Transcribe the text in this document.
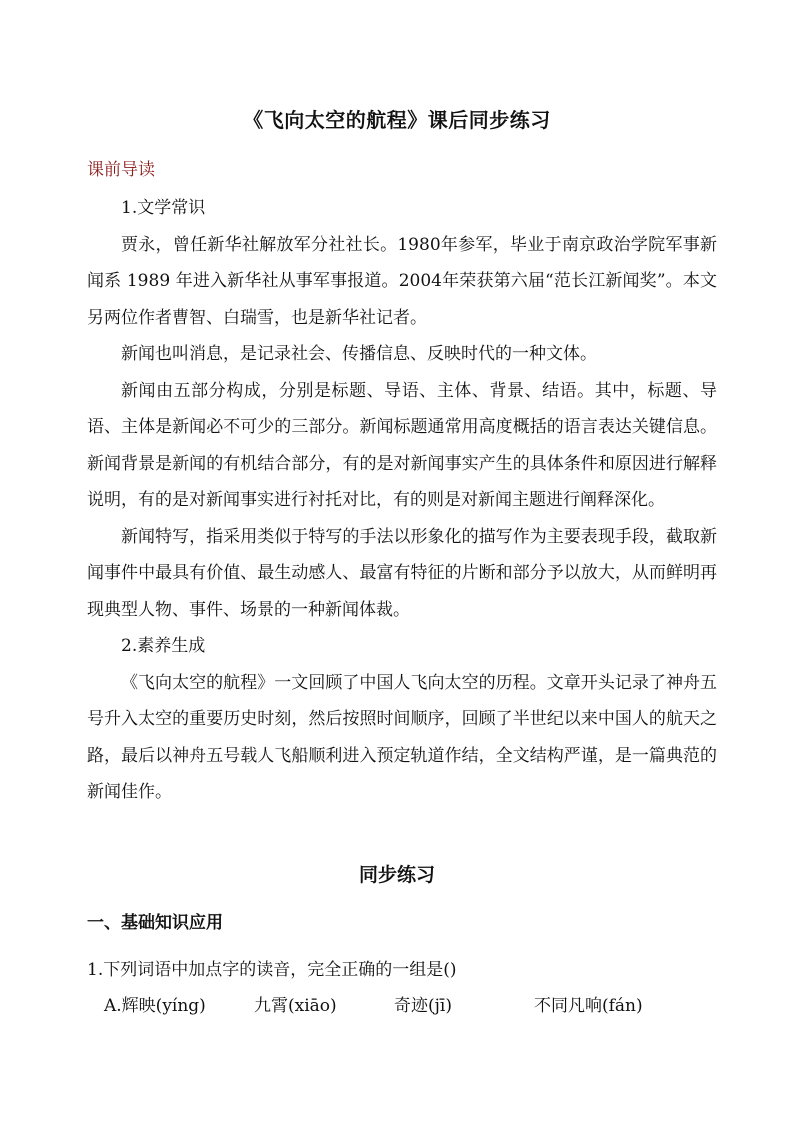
《飞向太空的航程》课后同步练习
课前导读

1.文学常识

贾永，曾任新华社解放军分社社长。1980年参军，毕业于南京政治学院军事新闻系 1989 年进入新华社从事军事报道。2004年荣获第六届“范长江新闻奖”。本文另两位作者曹智、白瑞雪，也是新华社记者。

新闻也叫消息，是记录社会、传播信息、反映时代的一种文体。

新闻由五部分构成，分别是标题、导语、主体、背景、结语。其中，标题、导语、主体是新闻必不可少的三部分。新闻标题通常用高度概括的语言表达关键信息。新闻背景是新闻的有机结合部分，有的是对新闻事实产生的具体条件和原因进行解释说明，有的是对新闻事实进行衬托对比，有的则是对新闻主题进行阐释深化。

新闻特写，指采用类似于特写的手法以形象化的描写作为主要表现手段，截取新闻事件中最具有价值、最生动感人、最富有特征的片断和部分予以放大，从而鲜明再现典型人物、事件、场景的一种新闻体裁。

2.素养生成

《飞向太空的航程》一文回顾了中国人飞向太空的历程。文章开头记录了神舟五号升入太空的重要历史时刻，然后按照时间顺序，回顾了半世纪以来中国人的航天之路，最后以神舟五号载人飞船顺利进入预定轨道作结，全文结构严谨，是一篇典范的新闻佳作。

同步练习
一、基础知识应用
1.下列词语中加点字的读音，完全正确的一组是()
A.辉映(yíng)	九霄(xiāo)	奇迹(jī)	不同凡响(fán)
